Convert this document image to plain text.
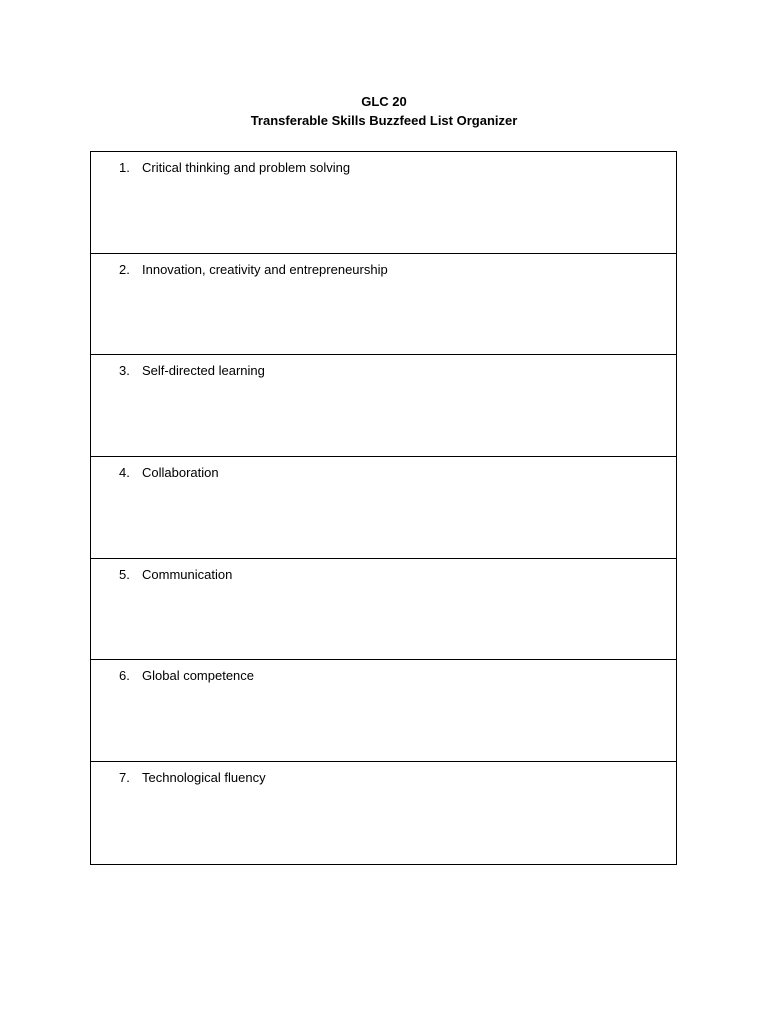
GLC 20
Transferable Skills Buzzfeed List Organizer
1. Critical thinking and problem solving
2. Innovation, creativity and entrepreneurship
3. Self-directed learning
4. Collaboration
5. Communication
6. Global competence
7. Technological fluency
